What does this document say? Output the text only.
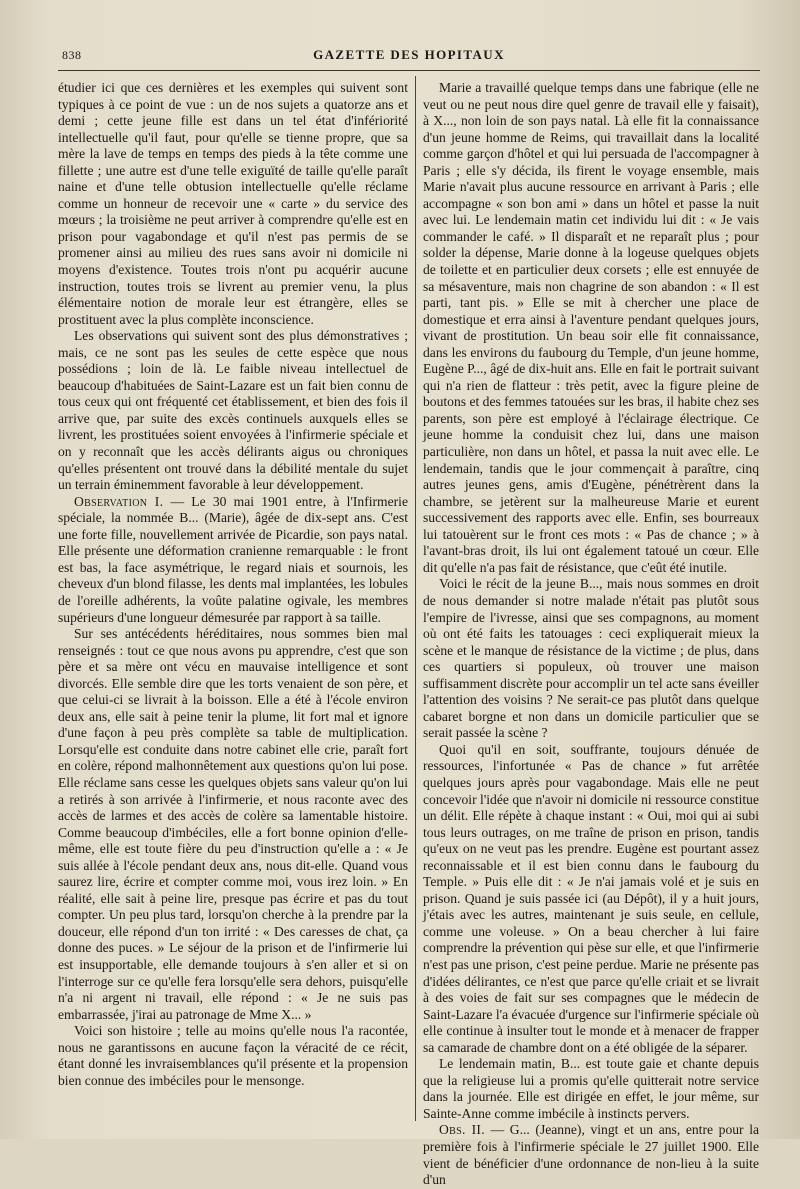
838	GAZETTE DES HOPITAUX

étudier ici que ces dernières et les exemples qui suivent sont typiques à ce point de vue : un de nos sujets a quatorze ans et demi ; cette jeune fille est dans un tel état d'infériorité intellectuelle qu'il faut, pour qu'elle se tienne propre, que sa mère la lave de temps en temps des pieds à la tête comme une fillette ; une autre est d'une telle exiguïté de taille qu'elle paraît naine et d'une telle obtusion intellectuelle qu'elle réclame comme un honneur de recevoir une « carte » du service des mœurs ; la troisième ne peut arriver à comprendre qu'elle est en prison pour vagabondage et qu'il n'est pas permis de se promener ainsi au milieu des rues sans avoir ni domicile ni moyens d'existence. Toutes trois n'ont pu acquérir aucune instruction, toutes trois se livrent au premier venu, la plus élémentaire notion de morale leur est étrangère, elles se prostituent avec la plus complète inconscience.

Les observations qui suivent sont des plus démonstratives ; mais, ce ne sont pas les seules de cette espèce que nous possédions ; loin de là. Le faible niveau intellectuel de beaucoup d'habituées de Saint-Lazare est un fait bien connu de tous ceux qui ont fréquenté cet établissement, et bien des fois il arrive que, par suite des excès continuels auxquels elles se livrent, les prostituées soient envoyées à l'infirmerie spéciale et on y reconnaît que les accès délirants aigus ou chroniques qu'elles présentent ont trouvé dans la débilité mentale du sujet un terrain éminemment favorable à leur développement.

Observation I. — Le 30 mai 1901 entre, à l'Infirmerie spéciale, la nommée B... (Marie), âgée de dix-sept ans. C'est une forte fille, nouvellement arrivée de Picardie, son pays natal. Elle présente une déformation cranienne remarquable : le front est bas, la face asymétrique, le regard niais et sournois, les cheveux d'un blond filasse, les dents mal implantées, les lobules de l'oreille adhérents, la voûte palatine ogivale, les membres supérieurs d'une longueur démesurée par rapport à sa taille.

Sur ses antécédents héréditaires, nous sommes bien mal renseignés : tout ce que nous avons pu apprendre, c'est que son père et sa mère ont vécu en mauvaise intelligence et sont divorcés. Elle semble dire que les torts venaient de son père, et que celui-ci se livrait à la boisson. Elle a été à l'école environ deux ans, elle sait à peine tenir la plume, lit fort mal et ignore d'une façon à peu près complète sa table de multiplication. Lorsqu'elle est conduite dans notre cabinet elle crie, paraît fort en colère, répond malhonnêtement aux questions qu'on lui pose. Elle réclame sans cesse les quelques objets sans valeur qu'on lui a retirés à son arrivée à l'infirmerie, et nous raconte avec des accès de larmes et des accès de colère sa lamentable histoire. Comme beaucoup d'imbéciles, elle a fort bonne opinion d'elle-même, elle est toute fière du peu d'instruction qu'elle a : « Je suis allée à l'école pendant deux ans, nous dit-elle. Quand vous saurez lire, écrire et compter comme moi, vous irez loin. » En réalité, elle sait à peine lire, presque pas écrire et pas du tout compter. Un peu plus tard, lorsqu'on cherche à la prendre par la douceur, elle répond d'un ton irrité : « Des caresses de chat, ça donne des puces. » Le séjour de la prison et de l'infirmerie lui est insupportable, elle demande toujours à s'en aller et si on l'interroge sur ce qu'elle fera lorsqu'elle sera dehors, puisqu'elle n'a ni argent ni travail, elle répond : « Je ne suis pas embarrassée, j'irai au patronage de Mme X... »

Voici son histoire ; telle au moins qu'elle nous l'a racontée, nous ne garantissons en aucune façon la véracité de ce récit, étant donné les invraisemblances qu'il présente et la propension bien connue des imbéciles pour le mensonge.

Marie a travaillé quelque temps dans une fabrique (elle ne veut ou ne peut nous dire quel genre de travail elle y faisait), à X..., non loin de son pays natal. Là elle fit la connaissance d'un jeune homme de Reims, qui travaillait dans la localité comme garçon d'hôtel et qui lui persuada de l'accompagner à Paris ; elle s'y décida, ils firent le voyage ensemble, mais Marie n'avait plus aucune ressource en arrivant à Paris ; elle accompagne « son bon ami » dans un hôtel et passe la nuit avec lui. Le lendemain matin cet individu lui dit : « Je vais commander le café. » Il disparaît et ne reparaît plus ; pour solder la dépense, Marie donne à la logeuse quelques objets de toilette et en particulier deux corsets ; elle est ennuyée de sa mésaventure, mais non chagrine de son abandon : « Il est parti, tant pis. » Elle se mit à chercher une place de domestique et erra ainsi à l'aventure pendant quelques jours, vivant de prostitution. Un beau soir elle fit connaissance, dans les environs du faubourg du Temple, d'un jeune homme, Eugène P..., âgé de dix-huit ans. Elle en fait le portrait suivant qui n'a rien de flatteur : très petit, avec la figure pleine de boutons et des femmes tatouées sur les bras, il habite chez ses parents, son père est employé à l'éclairage électrique. Ce jeune homme la conduisit chez lui, dans une maison particulière, non dans un hôtel, et passa la nuit avec elle. Le lendemain, tandis que le jour commençait à paraître, cinq autres jeunes gens, amis d'Eugène, pénétrèrent dans la chambre, se jetèrent sur la malheureuse Marie et eurent successivement des rapports avec elle. Enfin, ses bourreaux lui tatouèrent sur le front ces mots : « Pas de chance ; » à l'avant-bras droit, ils lui ont également tatoué un cœur. Elle dit qu'elle n'a pas fait de résistance, que c'eût été inutile.

Voici le récit de la jeune B..., mais nous sommes en droit de nous demander si notre malade n'était pas plutôt sous l'empire de l'ivresse, ainsi que ses compagnons, au moment où ont été faits les tatouages : ceci expliquerait mieux la scène et le manque de résistance de la victime ; de plus, dans ces quartiers si populeux, où trouver une maison suffisamment discrète pour accomplir un tel acte sans éveiller l'attention des voisins ? Ne serait-ce pas plutôt dans quelque cabaret borgne et non dans un domicile particulier que se serait passée la scène ?

Quoi qu'il en soit, souffrante, toujours dénuée de ressources, l'infortunée « Pas de chance » fut arrêtée quelques jours après pour vagabondage. Mais elle ne peut concevoir l'idée que n'avoir ni domicile ni ressource constitue un délit. Elle répète à chaque instant : « Oui, moi qui ai subi tous leurs outrages, on me traîne de prison en prison, tandis qu'eux on ne veut pas les prendre. Eugène est pourtant assez reconnaissable et il est bien connu dans le faubourg du Temple. » Puis elle dit : « Je n'ai jamais volé et je suis en prison. Quand je suis passée ici (au Dépôt), il y a huit jours, j'étais avec les autres, maintenant je suis seule, en cellule, comme une voleuse. » On a beau chercher à lui faire comprendre la prévention qui pèse sur elle, et que l'infirmerie n'est pas une prison, c'est peine perdue. Marie ne présente pas d'idées délirantes, ce n'est que parce qu'elle criait et se livrait à des voies de fait sur ses compagnes que le médecin de Saint-Lazare l'a évacuée d'urgence sur l'infirmerie spéciale où elle continue à insulter tout le monde et à menacer de frapper sa camarade de chambre dont on a été obligée de la séparer.

Le lendemain matin, B... est toute gaie et chante depuis que la religieuse lui a promis qu'elle quitterait notre service dans la journée. Elle est dirigée en effet, le jour même, sur Sainte-Anne comme imbécile à instincts pervers.

Obs. II. — G... (Jeanne), vingt et un ans, entre pour la première fois à l'infirmerie spéciale le 27 juillet 1900. Elle vient de bénéficier d'une ordonnance de non-lieu à la suite d'un
